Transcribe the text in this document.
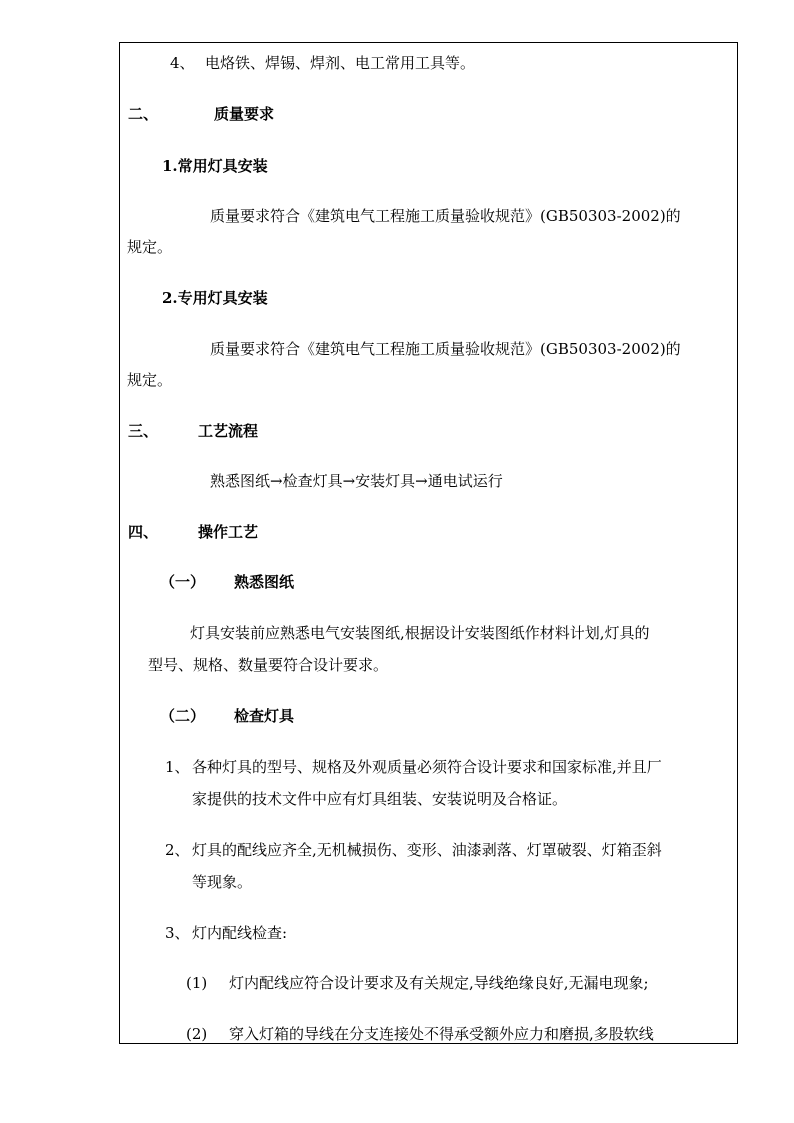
4、 电烙铁、焊锡、焊剂、电工常用工具等。
二、	质量要求
1.常用灯具安装
质量要求符合《建筑电气工程施工质量验收规范》(GB50303-2002)的
规定。
2.专用灯具安装
质量要求符合《建筑电气工程施工质量验收规范》(GB50303-2002)的
规定。
三、	工艺流程
熟悉图纸→检查灯具→安装灯具→通电试运行
四、	操作工艺
（一） 熟悉图纸
灯具安装前应熟悉电气安装图纸,根据设计安装图纸作材料计划,灯具的
型号、规格、数量要符合设计要求。
（二） 检查灯具
1、 各种灯具的型号、规格及外观质量必须符合设计要求和国家标准,并且厂
家提供的技术文件中应有灯具组装、安装说明及合格证。
2、 灯具的配线应齐全,无机械损伤、变形、油漆剥落、灯罩破裂、灯箱歪斜
等现象。
3、 灯内配线检查:
(1) 灯内配线应符合设计要求及有关规定,导线绝缘良好,无漏电现象;
(2) 穿入灯箱的导线在分支连接处不得承受额外应力和磨损,多股软线
